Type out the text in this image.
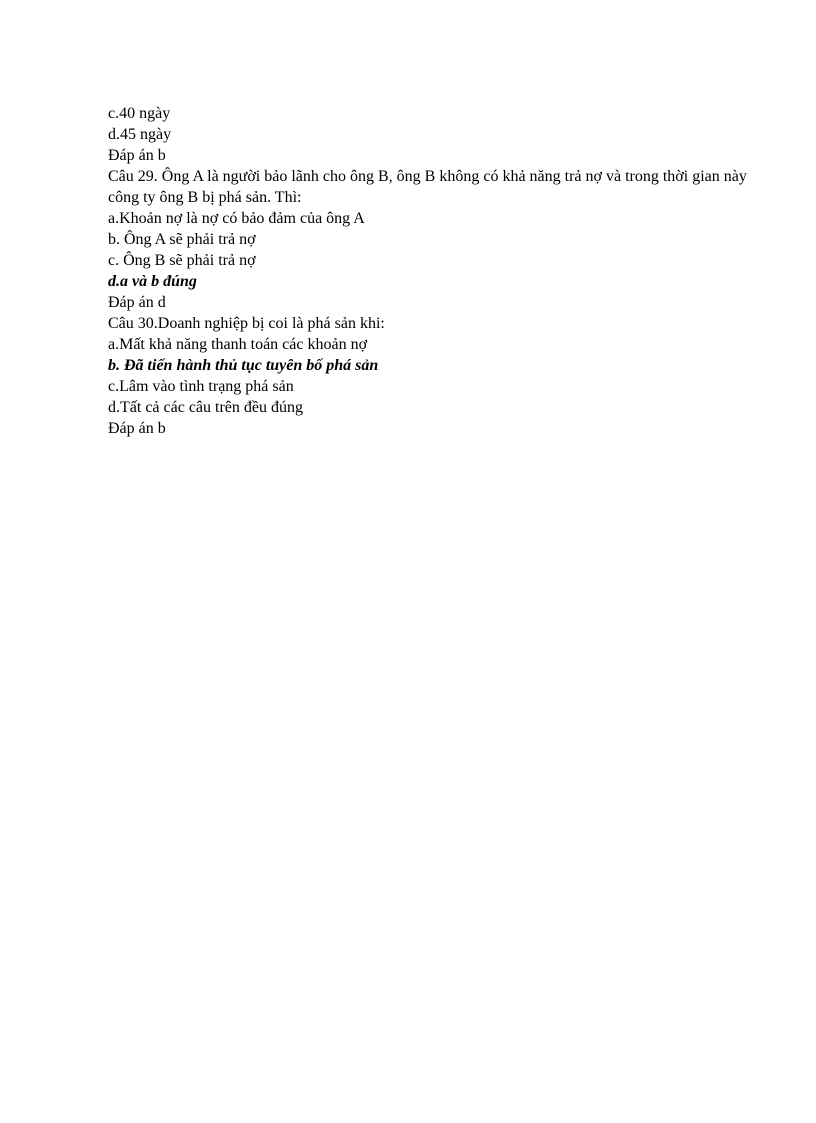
c.40 ngày
d.45 ngày
Đáp án b
Câu 29. Ông A là người bảo lãnh cho ông B, ông B không có khả năng trả nợ và trong thời gian này công ty ông B bị phá sản. Thì:
a.Khoản nợ là nợ có bảo đảm của ông A
b. Ông A sẽ phải trả nợ
c. Ông B sẽ phải trả nợ
d.a và b đúng
Đáp án d
Câu 30.Doanh nghiệp bị coi là phá sản khi:
a.Mất khả năng thanh toán các khoản nợ
b. Đã tiến hành thủ tục tuyên bố phá sản
c.Lâm vào tình trạng phá sản
d.Tất cả các câu trên đều đúng
Đáp án b
